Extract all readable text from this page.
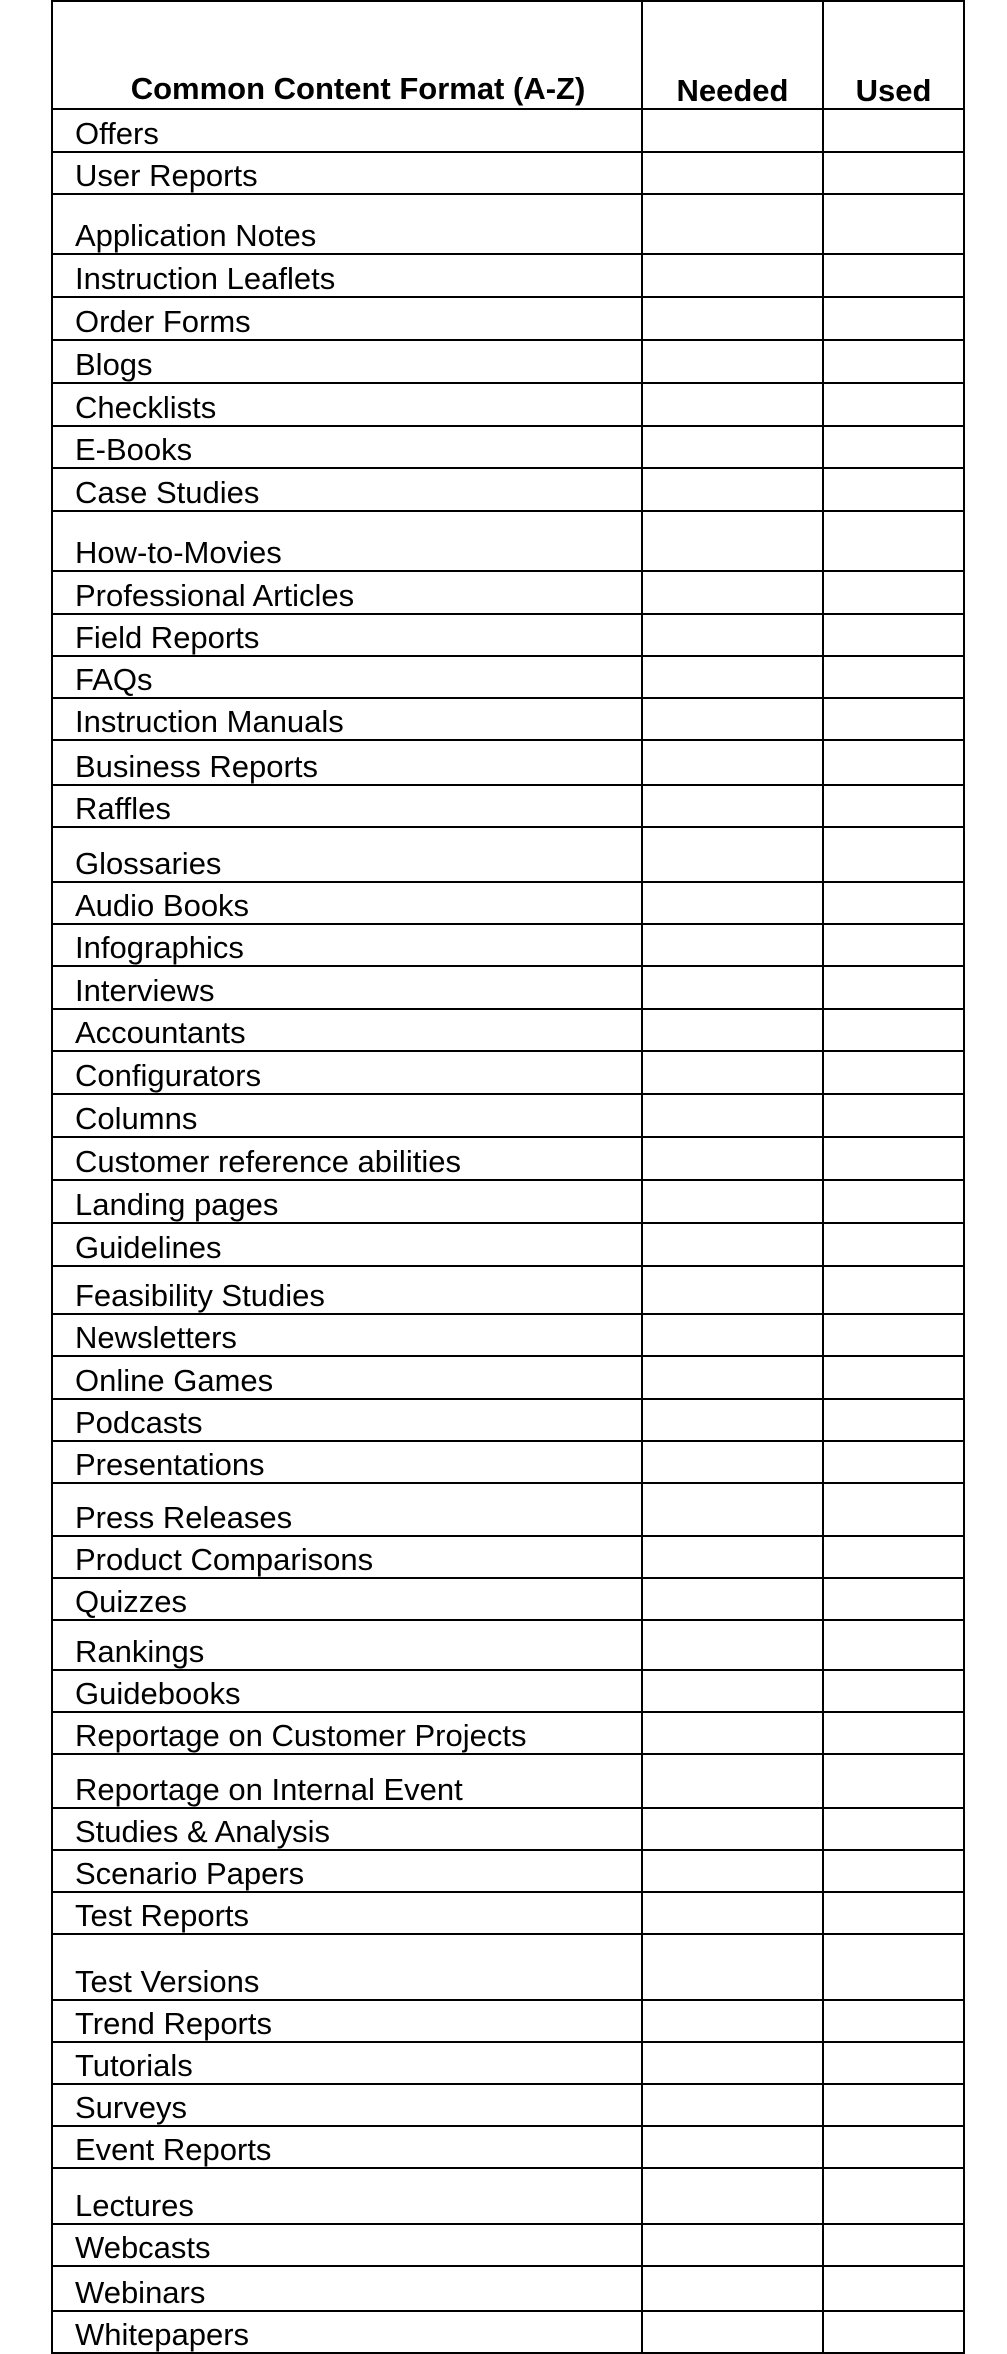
Common Content Format (A-Z)	Needed	Used
Offers		
User Reports		
Application Notes		
Instruction Leaflets		
Order Forms		
Blogs		
Checklists		
E-Books		
Case Studies		
How-to-Movies		
Professional Articles		
Field Reports		
FAQs		
Instruction Manuals		
Business Reports		
Raffles		
Glossaries		
Audio Books		
Infographics		
Interviews		
Accountants		
Configurators		
Columns		
Customer reference abilities		
Landing pages		
Guidelines		
Feasibility Studies		
Newsletters		
Online Games		
Podcasts		
Presentations		
Press Releases		
Product Comparisons		
Quizzes		
Rankings		
Guidebooks		
Reportage on Customer Projects		
Reportage on Internal Event		
Studies & Analysis		
Scenario Papers		
Test Reports		
Test Versions		
Trend Reports		
Tutorials		
Surveys		
Event Reports		
Lectures		
Webcasts		
Webinars		
Whitepapers		
